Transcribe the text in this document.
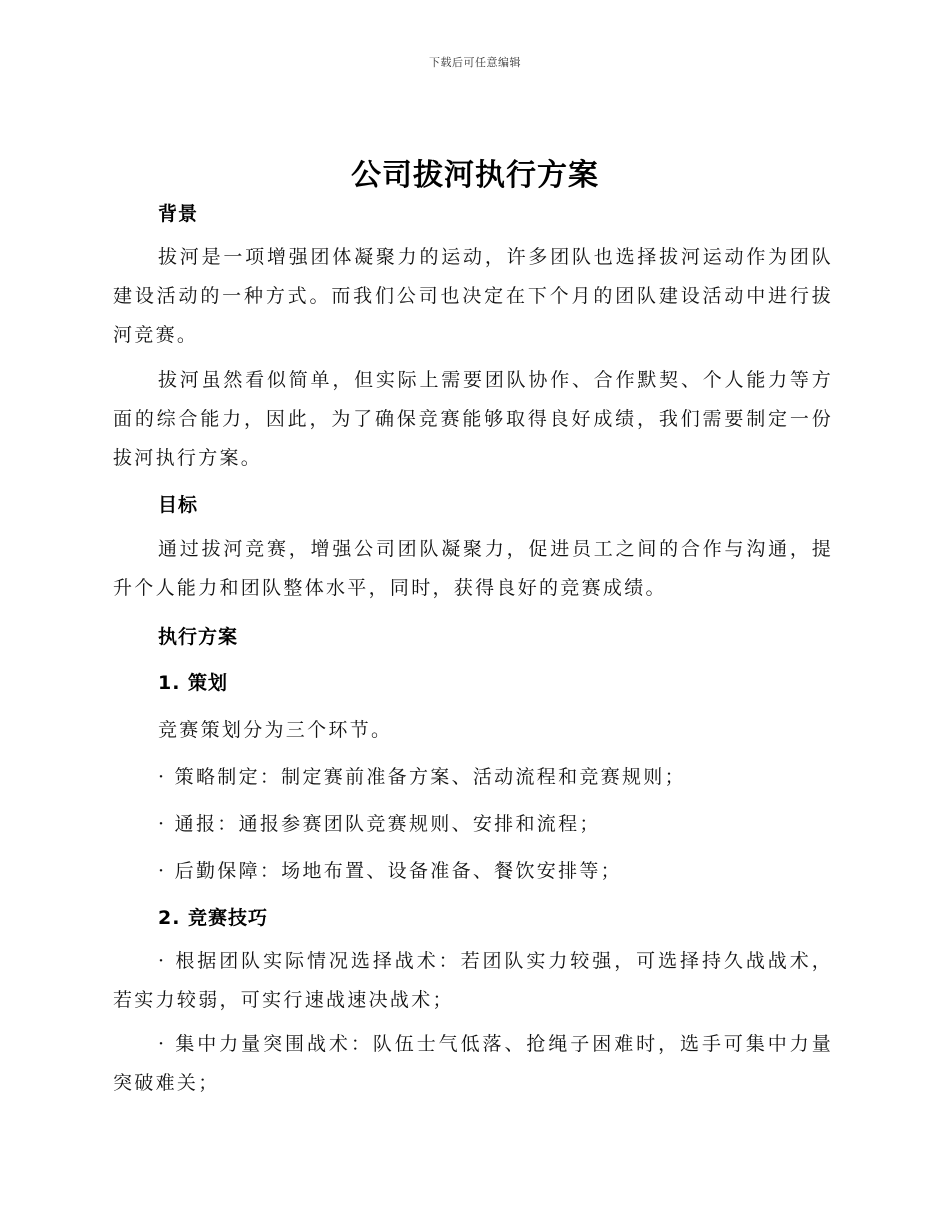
下载后可任意编辑
公司拔河执行方案
背景

拔河是一项增强团体凝聚力的运动，许多团队也选择拔河运动作为团队建设活动的一种方式。而我们公司也决定在下个月的团队建设活动中进行拔河竞赛。

拔河虽然看似简单，但实际上需要团队协作、合作默契、个人能力等方面的综合能力，因此，为了确保竞赛能够取得良好成绩，我们需要制定一份拔河执行方案。

目标

通过拔河竞赛，增强公司团队凝聚力，促进员工之间的合作与沟通，提升个人能力和团队整体水平，同时，获得良好的竞赛成绩。

执行方案
1. 策划
竞赛策划分为三个环节。
· 策略制定：制定赛前准备方案、活动流程和竞赛规则；
· 通报：通报参赛团队竞赛规则、安排和流程；
· 后勤保障：场地布置、设备准备、餐饮安排等；
2. 竞赛技巧

· 根据团队实际情况选择战术：若团队实力较强，可选择持久战战术，若实力较弱，可实行速战速决战术；

· 集中力量突围战术：队伍士气低落、抢绳子困难时，选手可集中力量突破难关；
